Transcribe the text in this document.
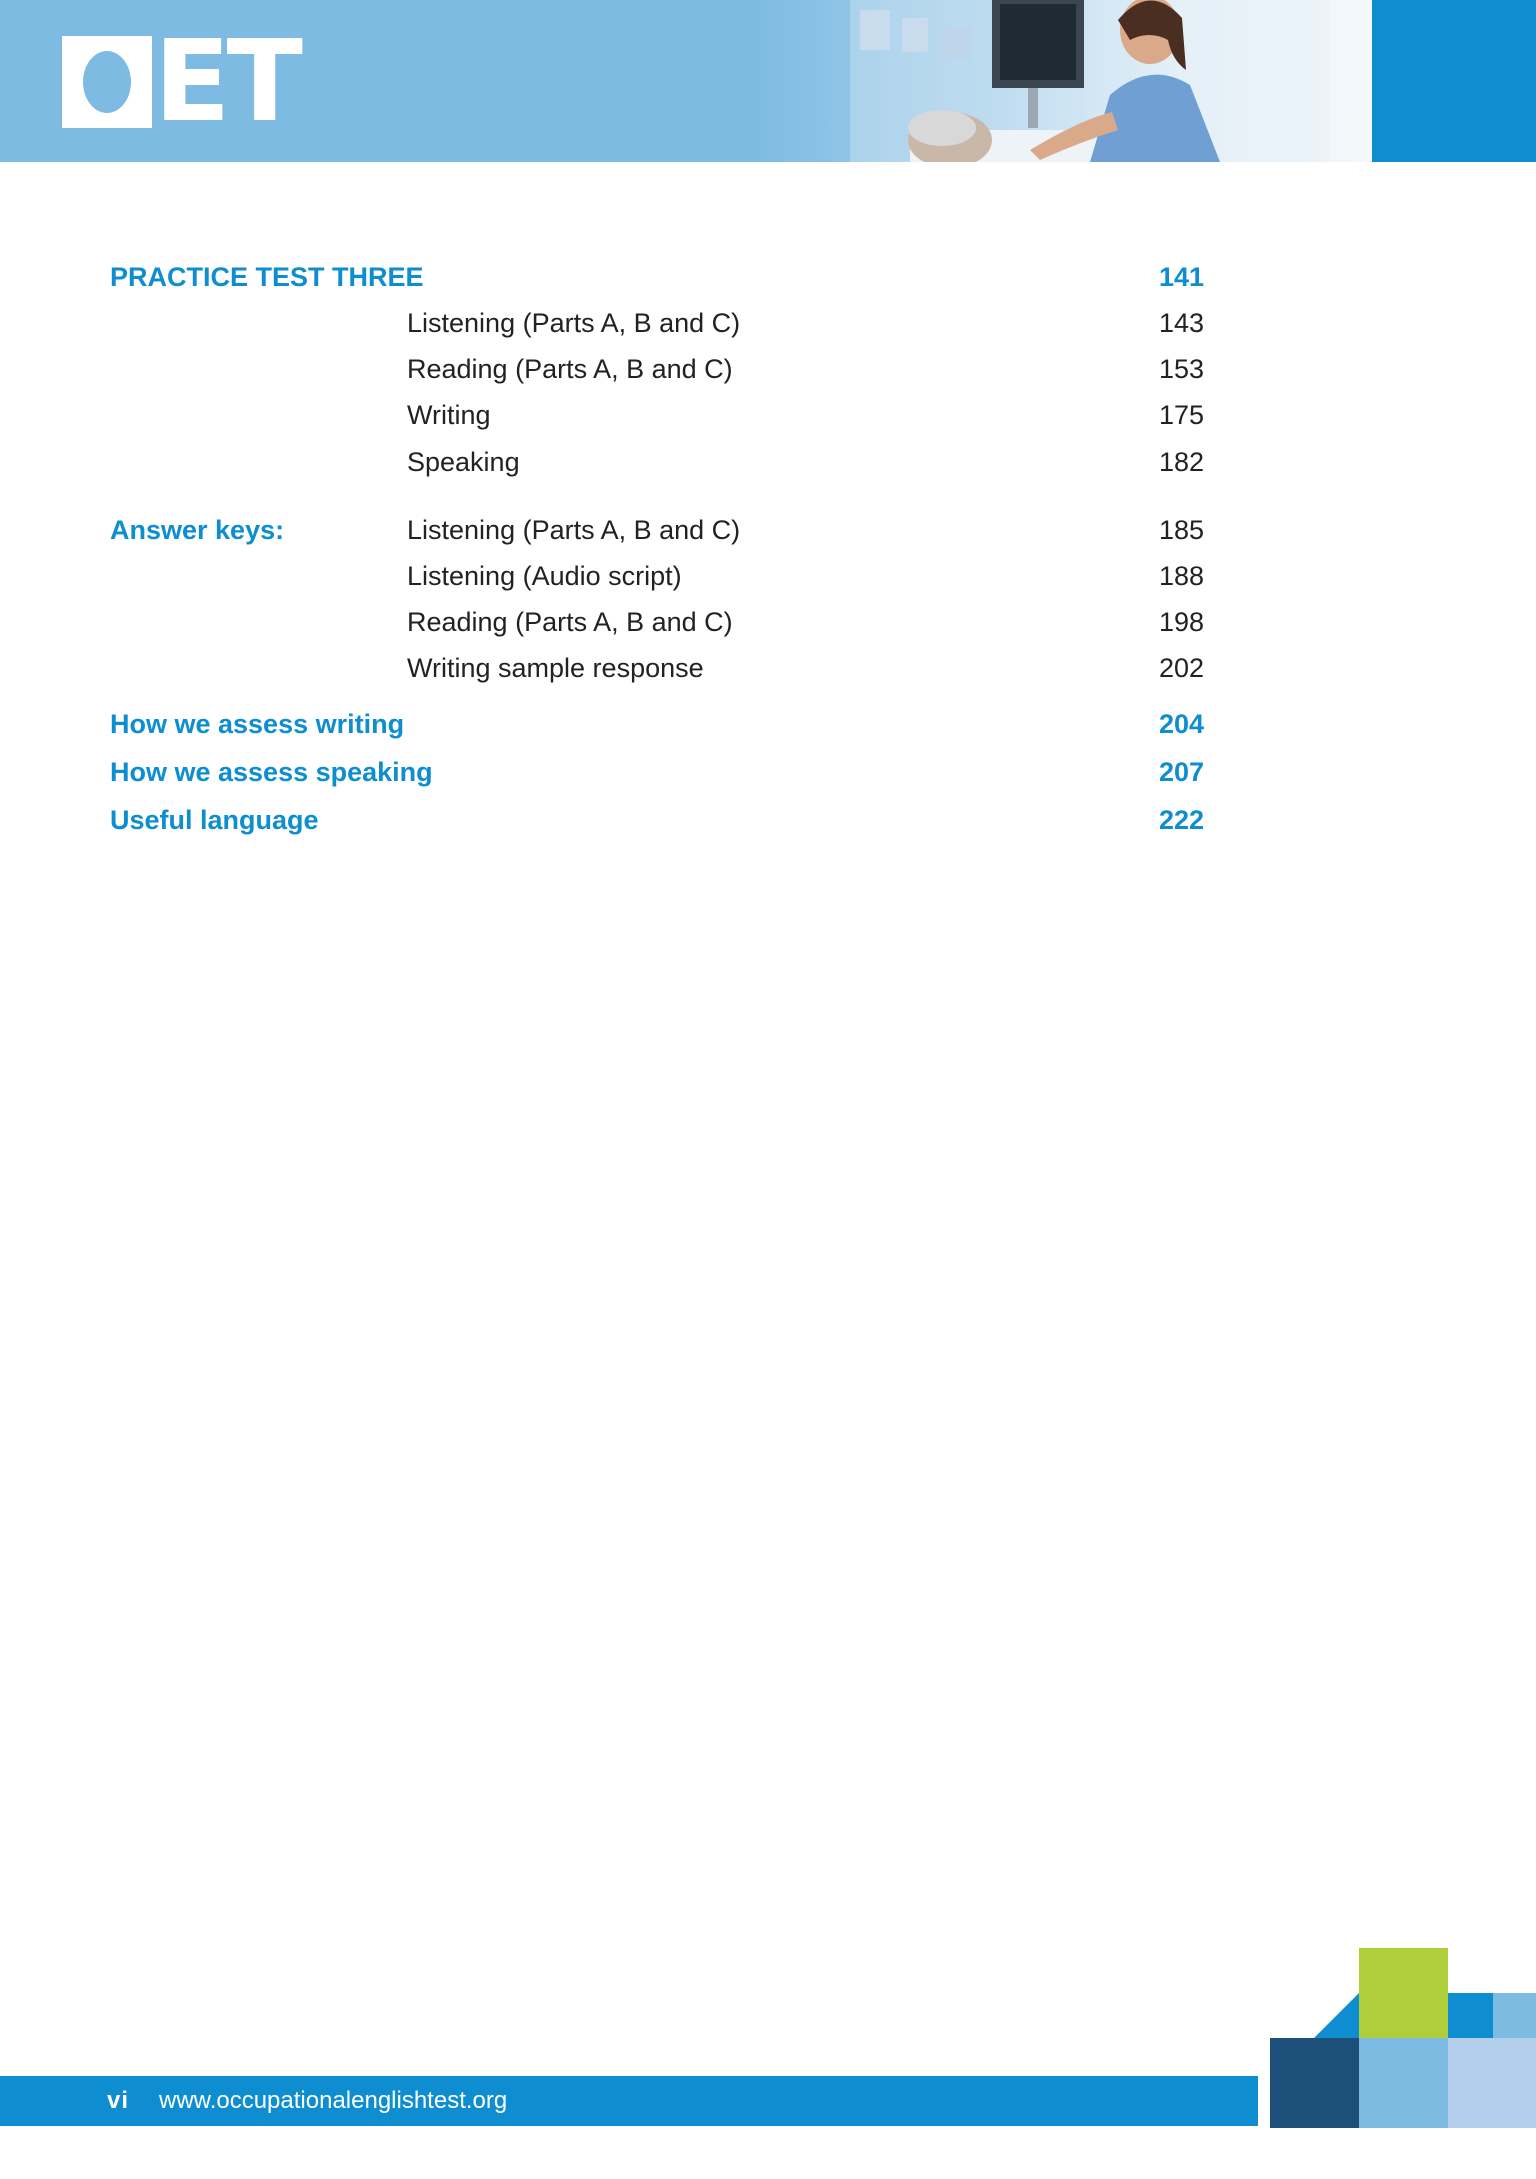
ET
PRACTICE TEST THREE	141
Listening (Parts A, B and C)	143
Reading (Parts A, B and C)	153
Writing	175
Speaking	182
Answer keys:	Listening (Parts A, B and C)	185
Listening (Audio script)	188
Reading (Parts A, B and C)	198
Writing sample response	202
How we assess writing	204
How we assess speaking	207
Useful language	222
vi www.occupationalenglishtest.org
